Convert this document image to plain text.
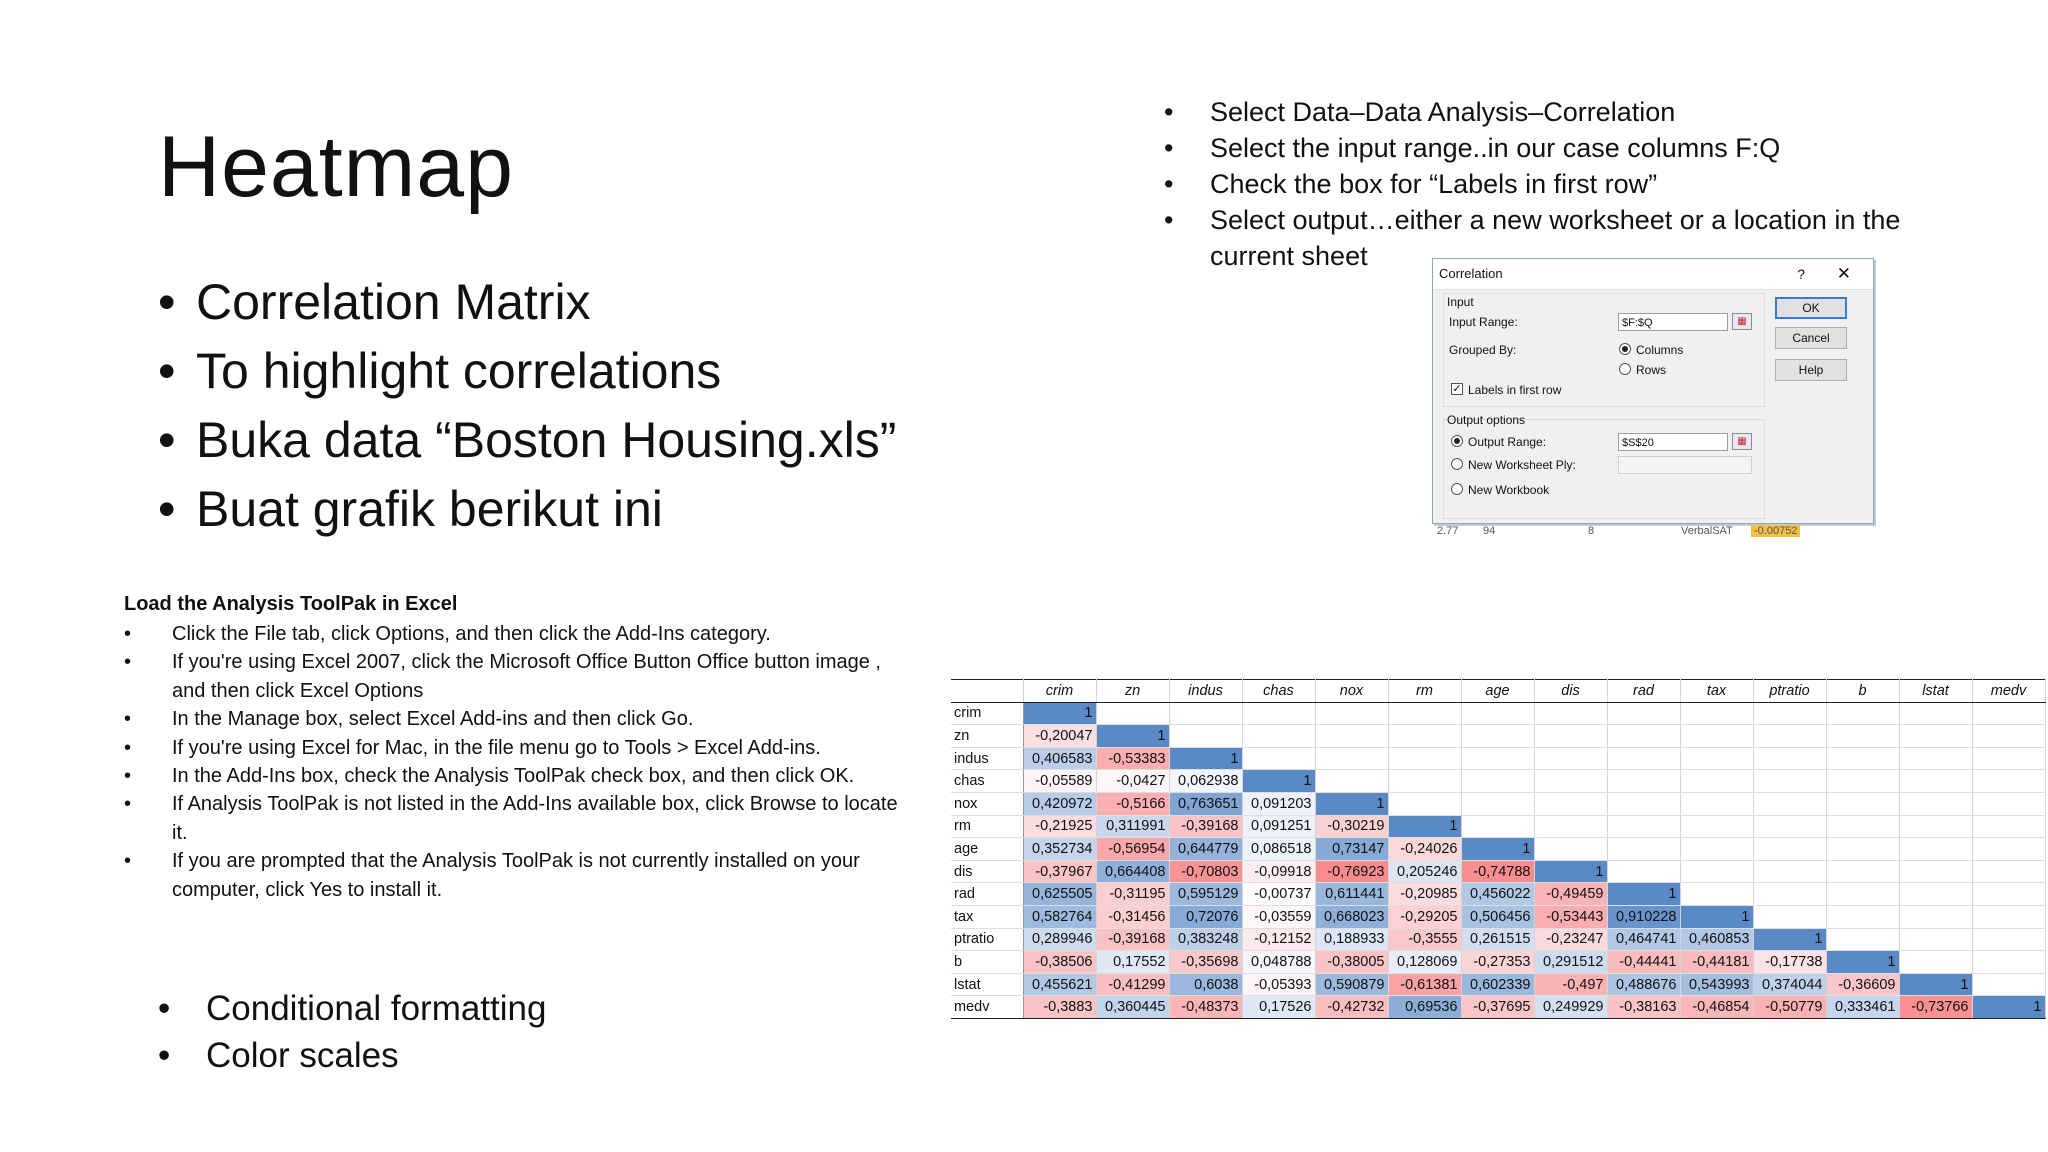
Heatmap
• Correlation Matrix
• To highlight correlations
• Buka data “Boston Housing.xls”
• Buat grafik berikut ini
• Select Data–Data Analysis–Correlation
• Select the input range..in our case columns F:Q
• Check the box for “Labels in first row”
• Select output…either a new worksheet or a location in the current sheet
Correlation	? ✕
Input
Input Range:	$F:$Q	▦
Grouped By:	Columns
Rows
✓ Labels in first row
Output options
Output Range:	$S$20	▦
New Worksheet Ply:
New Workbook
OK
Cancel
Help
2.77 94	8	VerbalSAT -0.00752
Load the Analysis ToolPak in Excel
• Click the File tab, click Options, and then click the Add-Ins category.
• If you're using Excel 2007, click the Microsoft Office Button Office button image , and then click Excel Options
• In the Manage box, select Excel Add-ins and then click Go.
• If you're using Excel for Mac, in the file menu go to Tools > Excel Add-ins.
• In the Add-Ins box, check the Analysis ToolPak check box, and then click OK.
• If Analysis ToolPak is not listed in the Add-Ins available box, click Browse to locate it.
• If you are prompted that the Analysis ToolPak is not currently installed on your computer, click Yes to install it.
• Conditional formatting
• Color scales
	crim	zn	indus	chas	nox	rm	age	dis	rad	tax	ptratio	b	lstat	medv
crim	1													
zn	-0,20047	1												
indus	0,406583	-0,53383	1											
chas	-0,05589	-0,0427	0,062938	1										
nox	0,420972	-0,5166	0,763651	0,091203	1									
rm	-0,21925	0,311991	-0,39168	0,091251	-0,30219	1								
age	0,352734	-0,56954	0,644779	0,086518	0,73147	-0,24026	1							
dis	-0,37967	0,664408	-0,70803	-0,09918	-0,76923	0,205246	-0,74788	1						
rad	0,625505	-0,31195	0,595129	-0,00737	0,611441	-0,20985	0,456022	-0,49459	1					
tax	0,582764	-0,31456	0,72076	-0,03559	0,668023	-0,29205	0,506456	-0,53443	0,910228	1				
ptratio	0,289946	-0,39168	0,383248	-0,12152	0,188933	-0,3555	0,261515	-0,23247	0,464741	0,460853	1			
b	-0,38506	0,17552	-0,35698	0,048788	-0,38005	0,128069	-0,27353	0,291512	-0,44441	-0,44181	-0,17738	1		
lstat	0,455621	-0,41299	0,6038	-0,05393	0,590879	-0,61381	0,602339	-0,497	0,488676	0,543993	0,374044	-0,36609	1	
medv	-0,3883	0,360445	-0,48373	0,17526	-0,42732	0,69536	-0,37695	0,249929	-0,38163	-0,46854	-0,50779	0,333461	-0,73766	1
